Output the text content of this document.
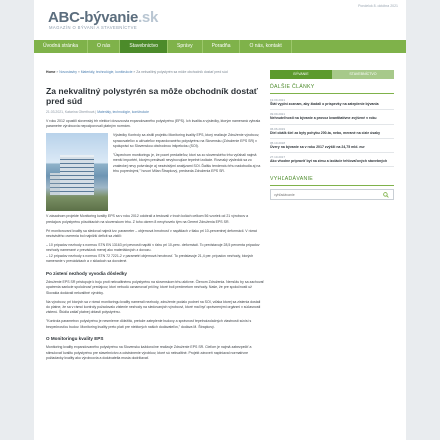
ABC-bývanie.sk
MAGAZÍN O BÝVANÍ A STAVEBNÍCTVE
Pondelok 8. októbra 2021
Úvodná stránka	O nás	Stavebnictvo	Správy	Poradňa	O nás, kontakt
Home » Novostavby » Materiály, technológie, konštrukcie » Za nekvalitný polystyrén sa môže obchodník dostať pred súd
Za nekvalitný polystyrén sa môže obchodník dostať pred súd
21.03.2021, Katarína Oberthová | Materiály, technológie, konštrukcie

V roku 2012 opustili slovenský trh niektorí dovozcovia expandovaného polystyrénu (EPS). Ich kvalita a výsledky, ktorým nameraná vybrala parametre výrobcovia nepodporovali platným normám.

Výsledky Kontroly sa zistili projektu Monitoring kvality EPS, ktorý realizuje Združenie výrobcov, spracovateľov a užívateľov expandovaného polystyrénu na Slovensku (Združenie EPS SR) v spolupráci so Slovenskou obchodnou inšpekciou (SOI).

"Úspechom monitoringu je, že pocet predaiteľov, ktorí sa zo slovenského trhu vyťahali najmä menší importéri, ktorým predávali nevyhovujúce tepelné izolácie. Rovnaký výsledok sa zo znaleckej nevy potvrdzuje aj nezávislými analýzami SOI. Ďalšiu tendenciu trhu nadobudla aj na trhu poprednými," hovorí Milan Štrapkový, predseda Združenia EPS SR.

V zásadnom projekte Monitoring kvality EPS sa v roku 2012 odobrali a testovali v troch kolách celkom 56 vzoriek od 21 výrobcov a predajcov polystyrénu pôsobiacich na slovenskom trhu. Z toho okrem 8 nevyhovelo tým na Gerent Združenia EPS SR.

Pri monitorovaní kvality sa sledoval najmä tzv. parameter – objemová hmotnosť v napätiach v tlaku pri 10-percentnej deformácii. V rámci nezávislého overenia bol najnižší deficit sa zistili:

– 10 prípadov nezhody s normou STN EN 13163 pri pevnosti napätí v ťahu pri 10-perc. deformácii. To predstavuje 28,5 percenta prípadov nezhody namerané z prevádzok menej ako materiálových z dovozu.
– 12 prípadov nezhody s normou STN 72 7221-2 v parametri objemová hmotnosť. To predstavuje 21,4 per. prípadov nezhody, ktorých nameranie v prevádzkach a v skladoch sa dovolené.
Po zistení nezhody vyvodia dôsledky

Združenie EPS SR pristupuje k boju proti nekvalitnému polystyrénu na slovenskom trhu aktívne. Členom Združenia. Nemôžu by sa zachovať opatrenia sankcie spoločnosť predajcov, ktorí nebudú oznamovať príčiny, ktoré boli predmetom nezhody. Naše, že pre spoločnosti už Slovakia dodávali nekvalitné výrobky.

Na výrobcov, pri ktorých sa v rámci monitoringu kvality namerali nezhody, združenie podalo podnet na SOI, vďaka ktorej sa zistenia dostali do platne, že sa v rámci kontroly požadovalo zistenie nezhody na sledovaných výrobcovi, ktoré mal byť oprávnenými orgánmi v súčasnosti zistenú. Štúdia zatiaľ platnej oblasti polystyrénu.

"Kontrola parametrov polystyrénu je nesmierne dôležitá, pretože zateplenie budovy a správnosť tepelnoizolačných vlastností súvisí s bezpečnosťou budov. Monitoring kvality preto platí pre niektorých našich dodávateľov," dodáva M. Štrapkový.

O Monitoringu kvality EPS

Monitoring kvality expandovaného polystyrénu na Slovensku každoročne realizuje Združenie EPS SR. Cieľom je najmä zabezpečiť a stimulovať kvalitu polystyrénu pre stavebníctvo a odstránenie výrobkov, ktoré sú nekvalitné. Projekt zároveň naplniaval normatívne požiadavky kvality ako výrobcovia a dodávatelia musia dodržiavať.

BÝVANIE	STAVEBNÍCTVO
ĎALŠIE ČLÁNKY
19.09.2021
Štát vyplní zoznam, aby žiadali o príspevky na zateplenie bývania
09.09.2021
Nehnuteľnosti na bývanie a provoz kvantitatívne zvýšené v roku
06.06.2019
Diel obálk šiel za byty pohybu 200-ta, nebo, merané na cizie úsaky
05.10.2018
Úvery na bývanie sa v roku 2017 zvýšili na 24,75 mld. eur
27.10.2017
Ako vhodne pripraviť byt na zimu a izolácie tehlovaľových stavebných
VYHĽADÁVANIE
vyhľadávanie
